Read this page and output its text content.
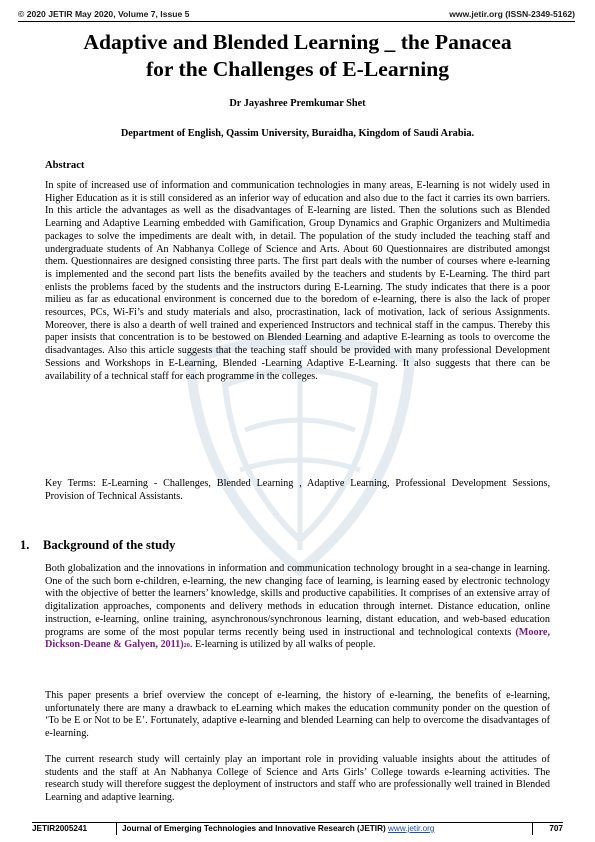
© 2020 JETIR May 2020, Volume 7, Issue 5	www.jetir.org (ISSN-2349-5162)
Adaptive and Blended Learning _ the Panacea
for the Challenges of E-Learning
Dr Jayashree Premkumar Shet
Department of English, Qassim University, Buraidha, Kingdom of Saudi Arabia.
Abstract
In spite of increased use of information and communication technologies in many areas, E-learning is not widely used in Higher Education as it is still considered as an inferior way of education and also due to the fact it carries its own barriers. In this article the advantages as well as the disadvantages of E-learning are listed. Then the solutions such as Blended Learning and Adaptive Learning embedded with Gamification, Group Dynamics and Graphic Organizers and Multimedia packages to solve the impediments are dealt with, in detail. The population of the study included the teaching staff and undergraduate students of An Nabhanya College of Science and Arts. About 60 Questionnaires are distributed amongst them. Questionnaires are designed consisting three parts. The first part deals with the number of courses where e-learning is implemented and the second part lists the benefits availed by the teachers and students by E-Learning. The third part enlists the problems faced by the students and the instructors during E-Learning. The study indicates that there is a poor milieu as far as educational environment is concerned due to the boredom of e-learning, there is also the lack of proper resources, PCs, Wi-Fi’s and study materials and also, procrastination, lack of motivation, lack of serious Assignments. Moreover, there is also a dearth of well trained and experienced Instructors and technical staff in the campus. Thereby this paper insists that concentration is to be bestowed on Blended Learning and adaptive E-learning as tools to overcome the disadvantages. Also this article suggests that the teaching staff should be provided with many professional Development Sessions and Workshops in E-Learning, Blended -Learning Adaptive E-Learning. It also suggests that there can be availability of a technical staff for each programme in the colleges.
Key Terms: E-Learning - Challenges, Blended Learning , Adaptive Learning, Professional Development Sessions, Provision of Technical Assistants.
1. Background of the study
Both globalization and the innovations in information and communication technology brought in a sea-change in learning. One of the such born e-children, e-learning, the new changing face of learning, is learning eased by electronic technology with the objective of better the learners’ knowledge, skills and productive capabilities. It comprises of an extensive array of digitalization approaches, components and delivery methods in education through internet. Distance education, online instruction, e-learning, online training, asynchronous/synchronous learning, distant education, and web-based education programs are some of the most popular terms recently being used in instructional and technological contexts (Moore, Dickson-Deane & Galyen, 2011)20. E-learning is utilized by all walks of people.
This paper presents a brief overview the concept of e-learning, the history of e-learning, the benefits of e-learning, unfortunately there are many a drawback to eLearning which makes the education community ponder on the question of ‘To be E or Not to be E’. Fortunately, adaptive e-learning and blended Learning can help to overcome the disadvantages of e-learning.
The current research study will certainly play an important role in providing valuable insights about the attitudes of students and the staff at An Nabhanya College of Science and Arts Girls’ College towards e-learning activities. The research study will therefore suggest the deployment of instructors and staff who are professionally well trained in Blended Learning and adaptive learning.
JETIR2005241	Journal of Emerging Technologies and Innovative Research (JETIR) www.jetir.org	707
